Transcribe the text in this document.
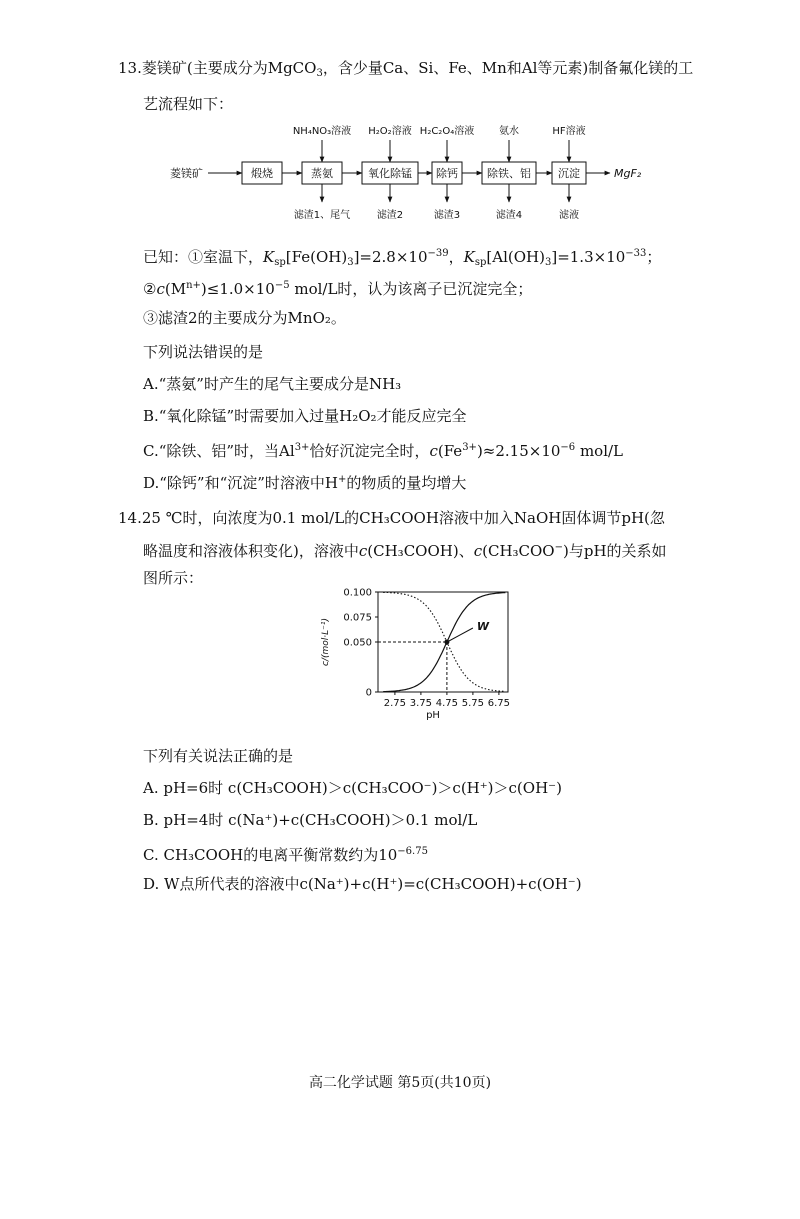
13.菱镁矿(主要成分为MgCO$_3$，含少量Ca、Si、Fe、Mn和Al等元素)制备氟化镁的工
艺流程如下：
菱镁矿	煅烧	蒸氨
NH₄NO₃溶液
滤渣1、尾气
氧化除锰
H₂O₂溶液
滤渣2
除钙
H₂C₂O₄溶液
滤渣3
除铁、铝
氨水
滤渣4
沉淀
HF溶液
滤液
MgF₂
已知：①室温下，$K_{sp}[Fe(OH)_3]=2.8\times 10^{-39}$，$K_{sp}[Al(OH)_3]=1.3\times 10^{-33}$；
$②c(M^{n+})\le 1.0\times 10^{-5}$ mol/L时，认为该离子已沉淀完全；
③滤渣2的主要成分为MnO₂。
下列说法错误的是
A.“蒸氨”时产生的尾气主要成分是NH₃
B.“氧化除锰”时需要加入过量H₂O₂才能反应完全
C.“除铁、铝”时，当$Al^{3+}$恰好沉淀完全时，$c(Fe^{3+})\approx 2.15\times 10^{-6}$ mol/L
D.“除钙”和“沉淀”时溶液中H+的物质的量均增大
14.25 ℃时，向浓度为0.1 mol/L的CH₃COOH溶液中加入NaOH固体调节pH(忽
略温度和溶液体积变化)，溶液中c(CH₃COOH)、c(CH₃COO−)与pH的关系如
图所示：
0
0.050
0.075
0.100
2.75 3.75 4.75 5.75 6.75
pH
c/(mol·L⁻¹)	W
下列有关说法正确的是
A. pH=6时 c(CH₃COOH)＞c(CH₃COO⁻)＞c(H⁺)＞c(OH⁻)
B. pH=4时 c(Na⁺)+c(CH₃COOH)＞0.1 mol/L
C. CH₃COOH的电离平衡常数约为$10^{-6.75}$
D. W点所代表的溶液中c(Na⁺)+c(H⁺)=c(CH₃COOH)+c(OH⁻)
高二化学试题 第5页(共10页)
